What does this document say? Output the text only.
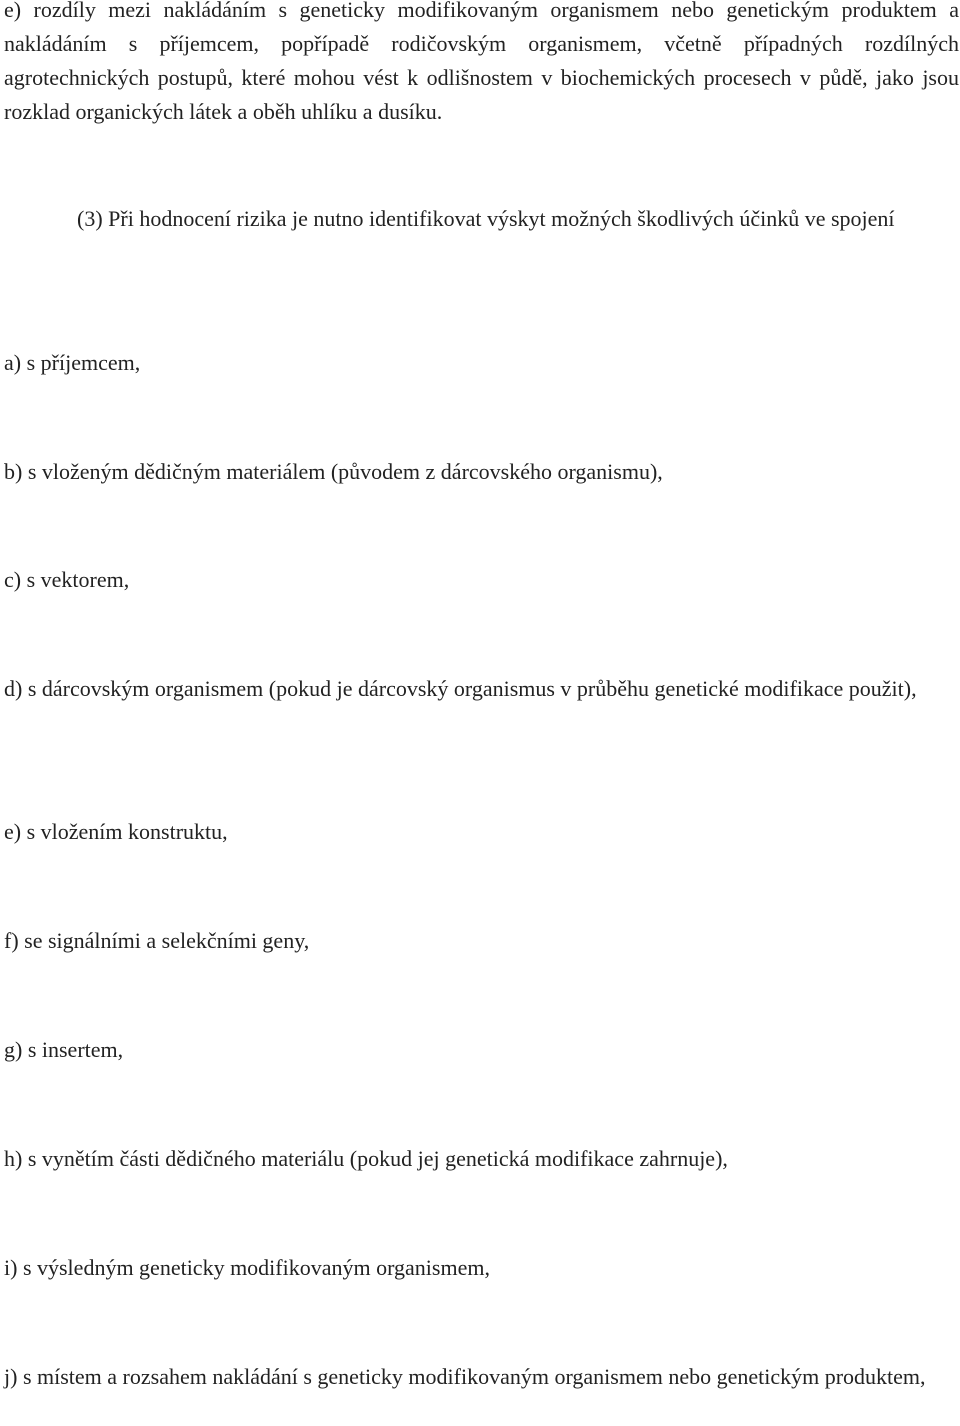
e) rozdíly mezi nakládáním s geneticky modifikovaným organismem nebo genetickým produktem a nakládáním s příjemcem, popřípadě rodičovským organismem, včetně případných rozdílných agrotechnických postupů, které mohou vést k odlišnostem v biochemických procesech v půdě, jako jsou rozklad organických látek a oběh uhlíku a dusíku.

(3) Při hodnocení rizika je nutno identifikovat výskyt možných škodlivých účinků ve spojení

a) s příjemcem,

b) s vloženým dědičným materiálem (původem z dárcovského organismu),

c) s vektorem,

d) s dárcovským organismem (pokud je dárcovský organismus v průběhu genetické modifikace použit),

e) s vložením konstruktu,

f) se signálními a selekčními geny,

g) s insertem,

h) s vynětím části dědičného materiálu (pokud jej genetická modifikace zahrnuje),

i) s výsledným geneticky modifikovaným organismem,

j) s místem a rozsahem nakládání s geneticky modifikovaným organismem nebo genetickým produktem,
